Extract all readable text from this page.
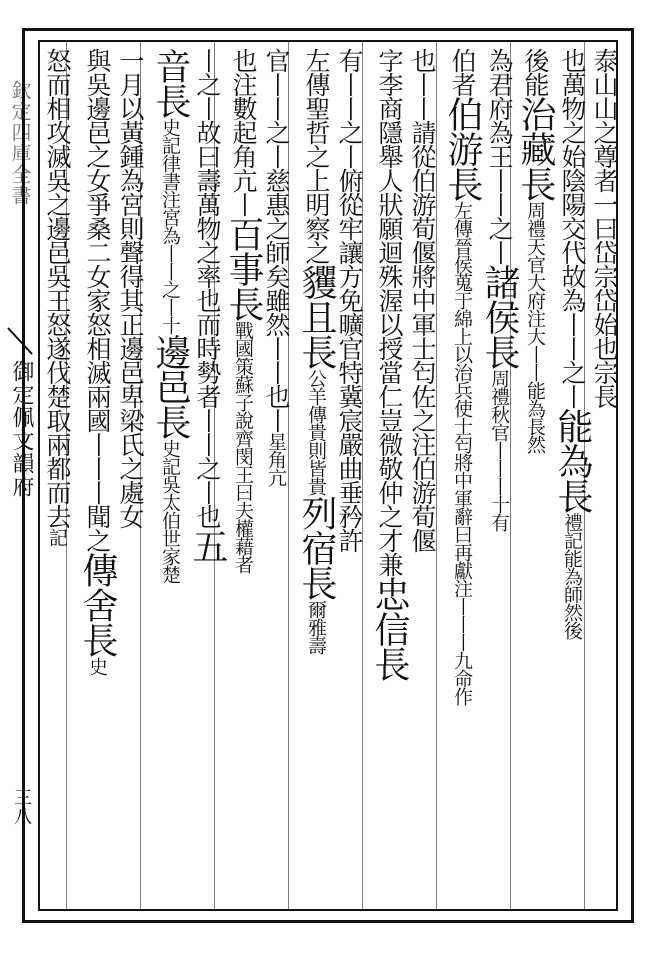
欽定四庫全書
御定佩文韻府
三八
泰山山之尊者一曰岱宗岱始也宗長
也萬物之始陰陽交代故為丨丨之丨能為長禮記能為師然後
後能治藏長周禮天官大府注大丨丨能為長然
為君府為王丨丨之丨諸侯長周禮秋官丨丨丨十有
伯者伯游長左傳晉侯蒐于綿上以治兵使士匄將中軍辭曰再獻注丨丨丨九命作
也丨丨請從伯游荀偃將中軍士匄佐之注伯游荀偃
字李商隱舉人狀願迴殊渥以授當仁豈微敬仲之才兼忠信長
有丨丨之丨俯從牢讓方免曠官特冀宸嚴曲垂矜許
左傳聖哲之上明察之貜且長公羊傳貴則皆貴列宿長爾雅壽
官丨丨之丨慈惠之師矣雖然丨丨也丨星角亢
也注數起角亢丨百事長戰國策蘇子說齊閔王曰夫權藉者
丨之丨故曰壽萬物之率也而時勢者丨丨之丨也五
音長史記律書注宮為丨丨之丨十邊邑長史記吳太伯世家楚
一月以黃鍾為宮則聲得其正邊邑卑梁氏之處女
與吳邊邑之女爭桑二女家怒相滅兩國丨丨丨聞之傳舍長史
怒而相攻滅吳之邊邑吳王怒遂伐楚取兩都而去記
